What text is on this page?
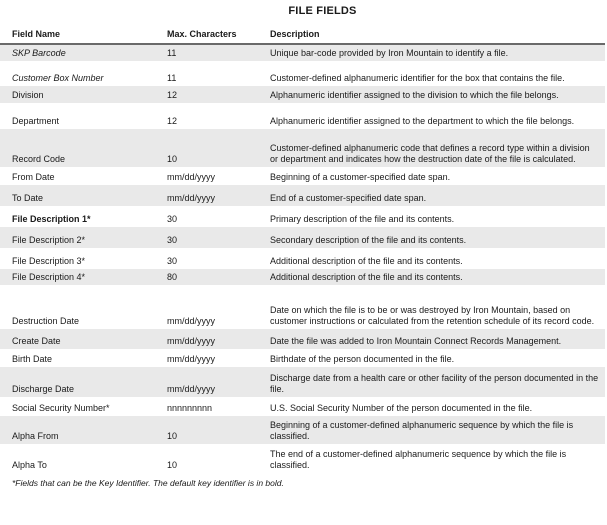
FILE FIELDS
Field Name	Max. Characters	Description
SKP Barcode	11	Unique bar-code provided by Iron Mountain to identify a file.
Customer Box Number	11	Customer-defined alphanumeric identifier for the box that contains the file.
Division	12	Alphanumeric identifier assigned to the division to which the file belongs.
Department	12	Alphanumeric identifier assigned to the department to which the file belongs.
Record Code	10	Customer-defined alphanumeric code that defines a record type within a division or department and indicates how the destruction date of the file is calculated.
From Date	mm/dd/yyyy	Beginning of a customer-specified date span.
To Date	mm/dd/yyyy	End of a customer-specified date span.
File Description 1*	30	Primary description of the file and its contents.
File Description 2*	30	Secondary description of the file and its contents.
File Description 3*	30	Additional description of the file and its contents.
File Description 4*	80	Additional description of the file and its contents.
Destruction Date	mm/dd/yyyy	Date on which the file is to be or was destroyed by Iron Mountain, based on customer instructions or calculated from the retention schedule of its record code.
Create Date	mm/dd/yyyy	Date the file was added to Iron Mountain Connect Records Management.
Birth Date	mm/dd/yyyy	Birthdate of the person documented in the file.
Discharge Date	mm/dd/yyyy	Discharge date from a health care or other facility of the person documented in the file.
Social Security Number*	nnnnnnnnn	U.S. Social Security Number of the person documented in the file.
Alpha From	10	Beginning of a customer-defined alphanumeric sequence by which the file is classified.
Alpha To	10	The end of a customer-defined alphanumeric sequence by which the file is classified.
*Fields that can be the Key Identifier. The default key identifier is in bold.
